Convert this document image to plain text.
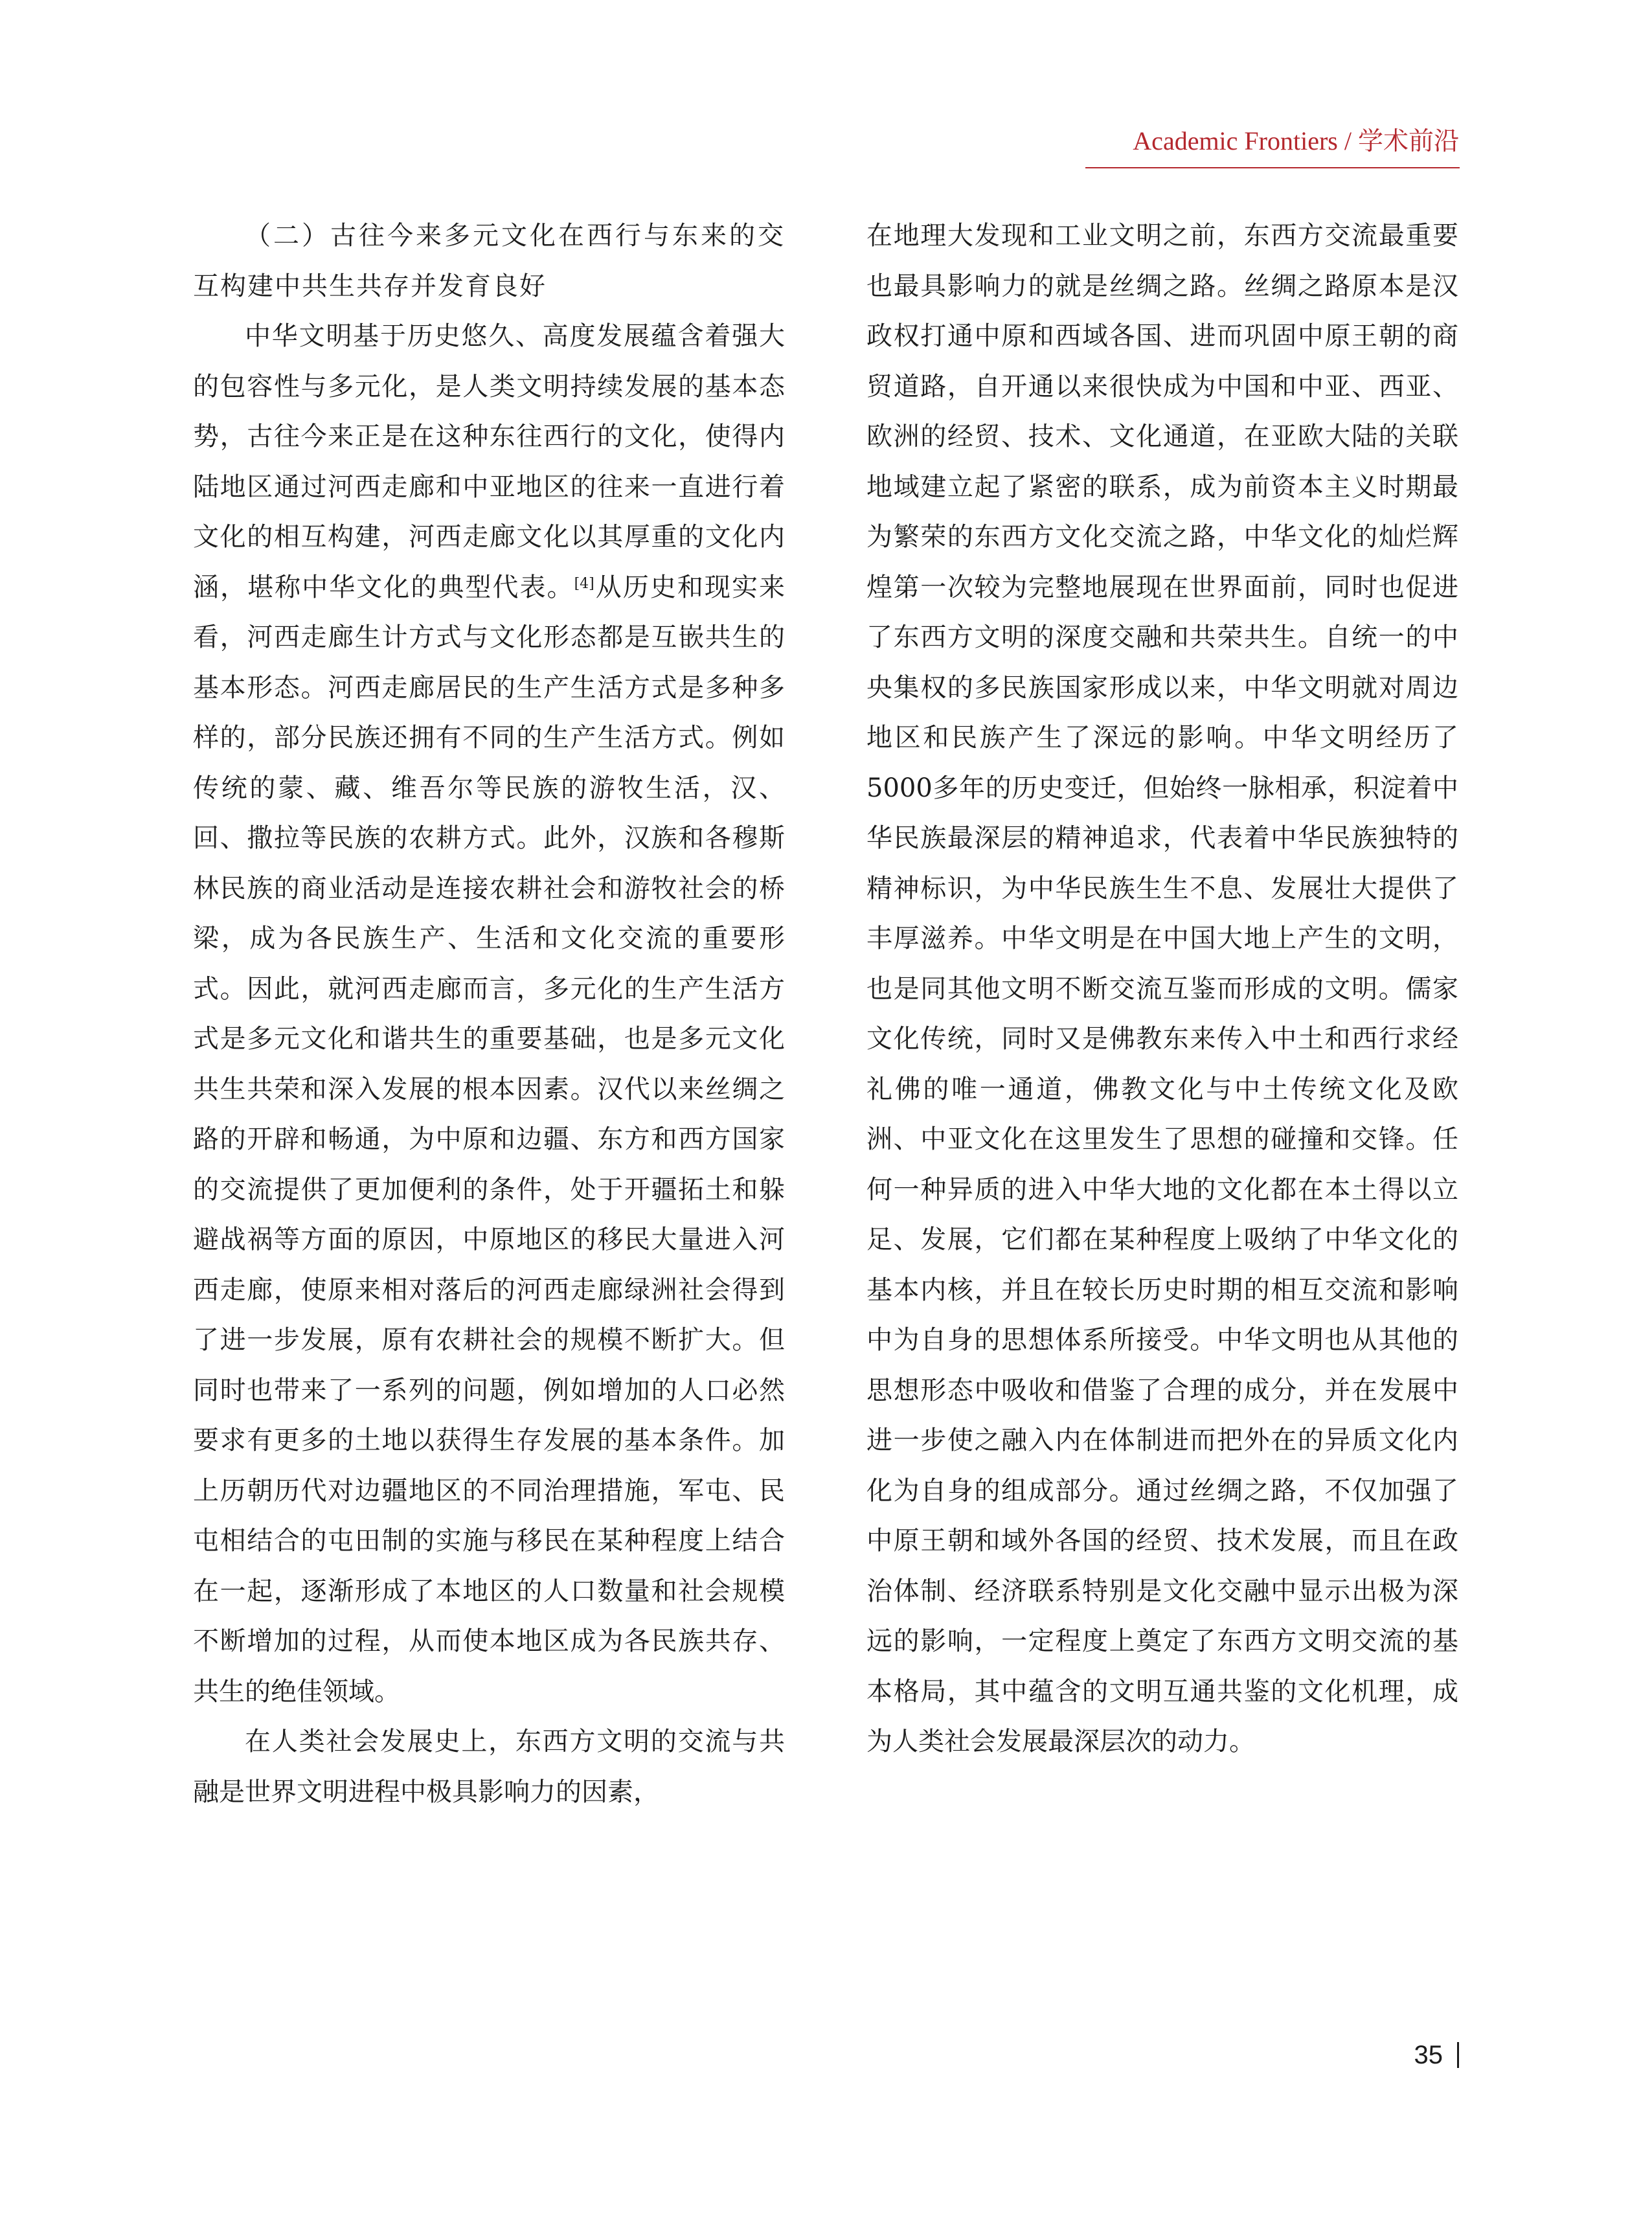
Academic Frontiers / 学术前沿

（二）古往今来多元文化在西行与东来的交互构建中共生共存并发育良好

中华文明基于历史悠久、高度发展蕴含着强大的包容性与多元化，是人类文明持续发展的基本态势，古往今来正是在这种东往西行的文化，使得内陆地区通过河西走廊和中亚地区的往来一直进行着文化的相互构建，河西走廊文化以其厚重的文化内涵，堪称中华文化的典型代表。[4]从历史和现实来看，河西走廊生计方式与文化形态都是互嵌共生的基本形态。河西走廊居民的生产生活方式是多种多样的，部分民族还拥有不同的生产生活方式。例如传统的蒙、藏、维吾尔等民族的游牧生活，汉、回、撒拉等民族的农耕方式。此外，汉族和各穆斯林民族的商业活动是连接农耕社会和游牧社会的桥梁，成为各民族生产、生活和文化交流的重要形式。因此，就河西走廊而言，多元化的生产生活方式是多元文化和谐共生的重要基础，也是多元文化共生共荣和深入发展的根本因素。汉代以来丝绸之路的开辟和畅通，为中原和边疆、东方和西方国家的交流提供了更加便利的条件，处于开疆拓土和躲避战祸等方面的原因，中原地区的移民大量进入河西走廊，使原来相对落后的河西走廊绿洲社会得到了进一步发展，原有农耕社会的规模不断扩大。但同时也带来了一系列的问题，例如增加的人口必然要求有更多的土地以获得生存发展的基本条件。加上历朝历代对边疆地区的不同治理措施，军屯、民屯相结合的屯田制的实施与移民在某种程度上结合在一起，逐渐形成了本地区的人口数量和社会规模不断增加的过程，从而使本地区成为各民族共存、共生的绝佳领域。

在人类社会发展史上，东西方文明的交流与共融是世界文明进程中极具影响力的因素，

在地理大发现和工业文明之前，东西方交流最重要也最具影响力的就是丝绸之路。丝绸之路原本是汉政权打通中原和西域各国、进而巩固中原王朝的商贸道路，自开通以来很快成为中国和中亚、西亚、欧洲的经贸、技术、文化通道，在亚欧大陆的关联地域建立起了紧密的联系，成为前资本主义时期最为繁荣的东西方文化交流之路，中华文化的灿烂辉煌第一次较为完整地展现在世界面前，同时也促进了东西方文明的深度交融和共荣共生。自统一的中央集权的多民族国家形成以来，中华文明就对周边地区和民族产生了深远的影响。中华文明经历了5000多年的历史变迁，但始终一脉相承，积淀着中华民族最深层的精神追求，代表着中华民族独特的精神标识，为中华民族生生不息、发展壮大提供了丰厚滋养。中华文明是在中国大地上产生的文明，也是同其他文明不断交流互鉴而形成的文明。儒家文化传统，同时又是佛教东来传入中土和西行求经礼佛的唯一通道，佛教文化与中土传统文化及欧洲、中亚文化在这里发生了思想的碰撞和交锋。任何一种异质的进入中华大地的文化都在本土得以立足、发展，它们都在某种程度上吸纳了中华文化的基本内核，并且在较长历史时期的相互交流和影响中为自身的思想体系所接受。中华文明也从其他的思想形态中吸收和借鉴了合理的成分，并在发展中进一步使之融入内在体制进而把外在的异质文化内化为自身的组成部分。通过丝绸之路，不仅加强了中原王朝和域外各国的经贸、技术发展，而且在政治体制、经济联系特别是文化交融中显示出极为深远的影响，一定程度上奠定了东西方文明交流的基本格局，其中蕴含的文明互通共鉴的文化机理，成为人类社会发展最深层次的动力。

35
